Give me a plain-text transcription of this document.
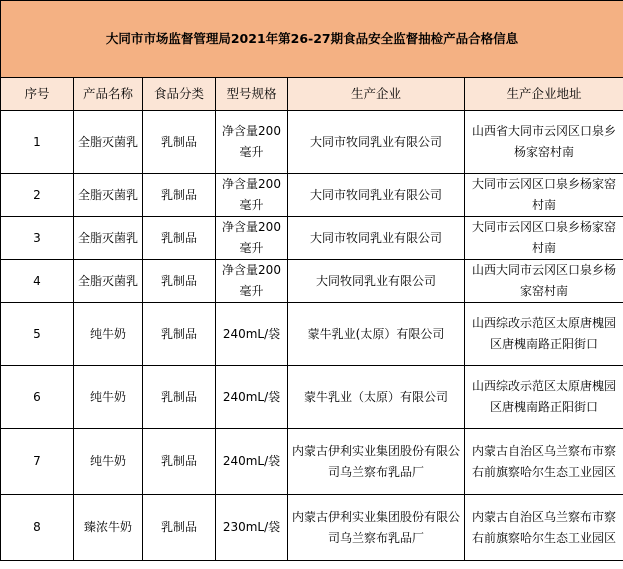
大同市市场监督管理局2021年第26-27期食品安全监督抽检产品合格信息					
序号	产品名称	食品分类	型号规格	生产企业	生产企业地址
1	全脂灭菌乳	乳制品	净含量200毫升	大同市牧同乳业有限公司	山西省大同市云冈区口泉乡杨家窑村南
2	全脂灭菌乳	乳制品	净含量200毫升	大同市牧同乳业有限公司	大同市云冈区口泉乡杨家窑村南
3	全脂灭菌乳	乳制品	净含量200毫升	大同市牧同乳业有限公司	大同市云冈区口泉乡杨家窑村南
4	全脂灭菌乳	乳制品	净含量200毫升	大同牧同乳业有限公司	山西大同市云冈区口泉乡杨家窑村南
5	纯牛奶	乳制品	240mL/袋	蒙牛乳业(太原）有限公司	山西综改示范区太原唐槐园区唐槐南路正阳街口
6	纯牛奶	乳制品	240mL/袋	蒙牛乳业（太原）有限公司	山西综改示范区太原唐槐园区唐槐南路正阳街口
7	纯牛奶	乳制品	240mL/袋	内蒙古伊利实业集团股份有限公司乌兰察布乳品厂	内蒙古自治区乌兰察布市察右前旗察哈尔生态工业园区
8	臻浓牛奶	乳制品	230mL/袋	内蒙古伊利实业集团股份有限公司乌兰察布乳品厂	内蒙古自治区乌兰察布市察右前旗察哈尔生态工业园区
